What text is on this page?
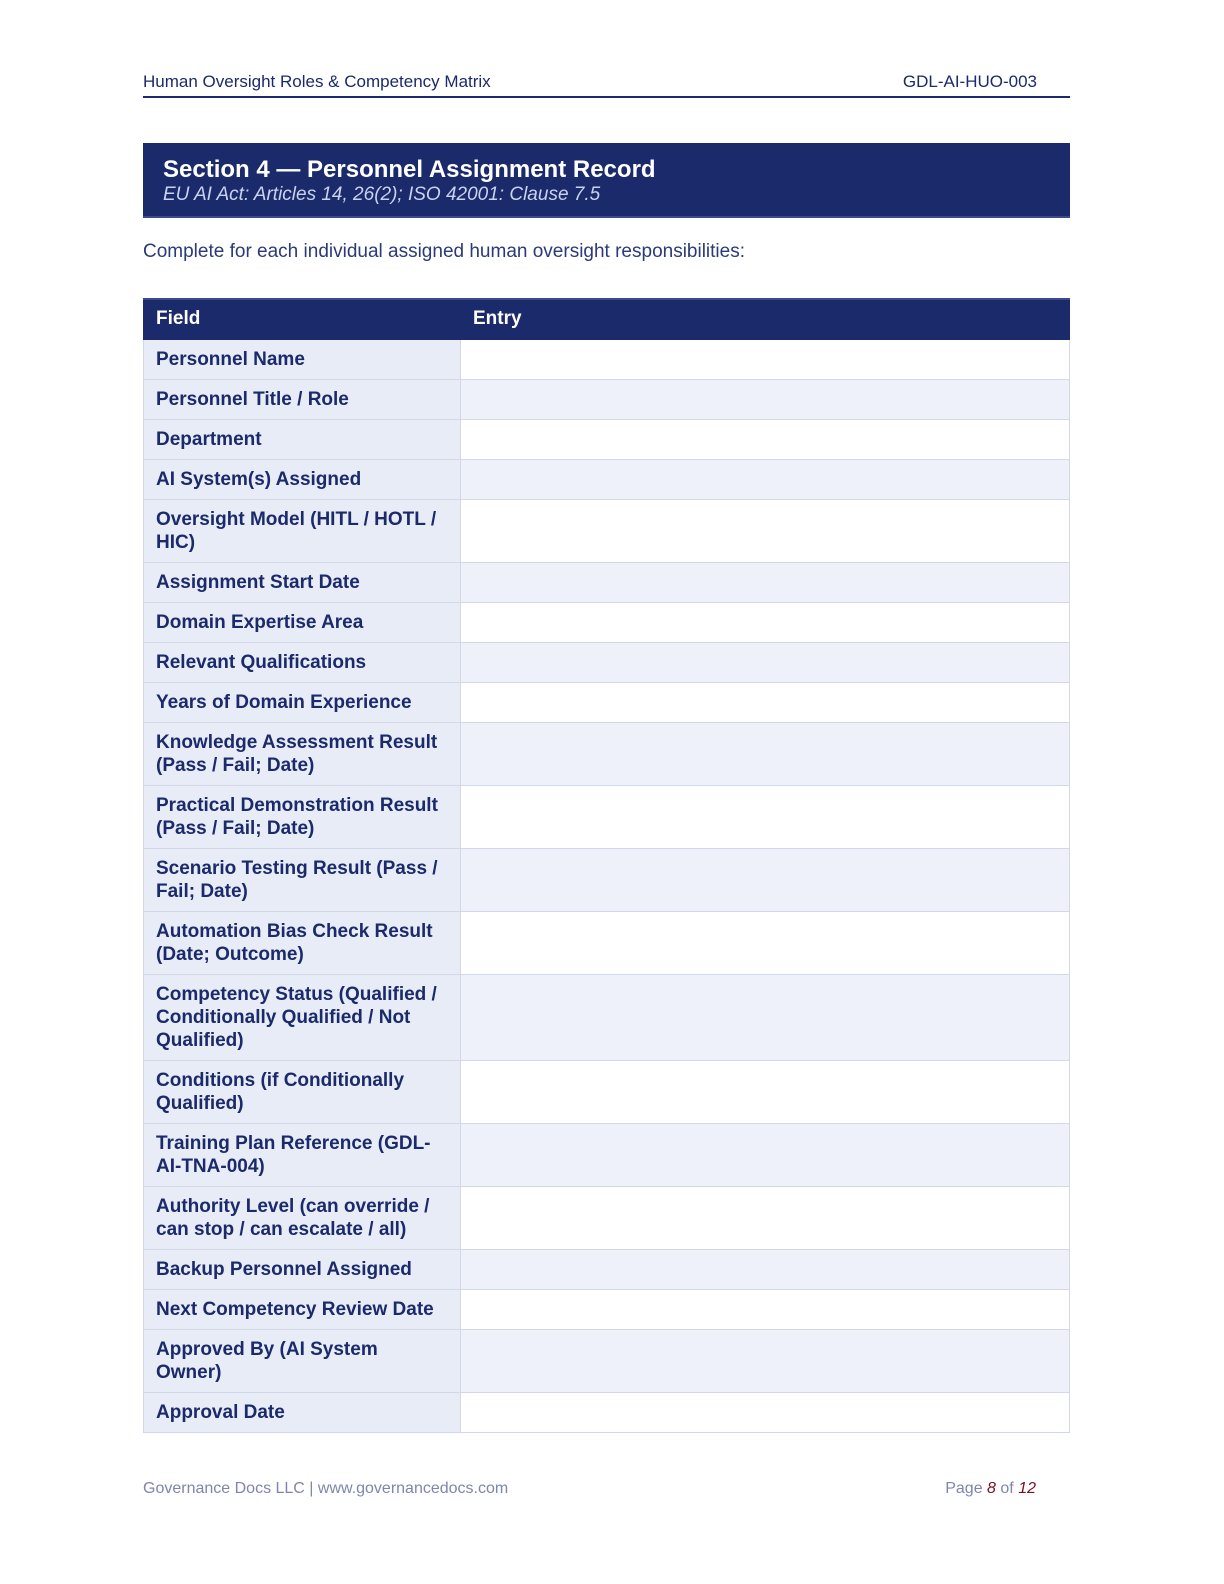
Human Oversight Roles & Competency Matrix	GDL-AI-HUO-003
Section 4 — Personnel Assignment Record
EU AI Act: Articles 14, 26(2); ISO 42001: Clause 7.5
Complete for each individual assigned human oversight responsibilities:
Field	Entry
Personnel Name	
Personnel Title / Role	
Department	
AI System(s) Assigned	
Oversight Model (HITL / HOTL / HIC)	
Assignment Start Date	
Domain Expertise Area	
Relevant Qualifications	
Years of Domain Experience	
Knowledge Assessment Result (Pass / Fail; Date)	
Practical Demonstration Result (Pass / Fail; Date)	
Scenario Testing Result (Pass / Fail; Date)	
Automation Bias Check Result (Date; Outcome)	
Competency Status (Qualified / Conditionally Qualified / Not Qualified)	
Conditions (if Conditionally Qualified)	
Training Plan Reference (GDL-AI-TNA-004)	
Authority Level (can override / can stop / can escalate / all)	
Backup Personnel Assigned	
Next Competency Review Date	
Approved By (AI System Owner)	
Approval Date	
Governance Docs LLC | www.governancedocs.com	Page 8 of 12
